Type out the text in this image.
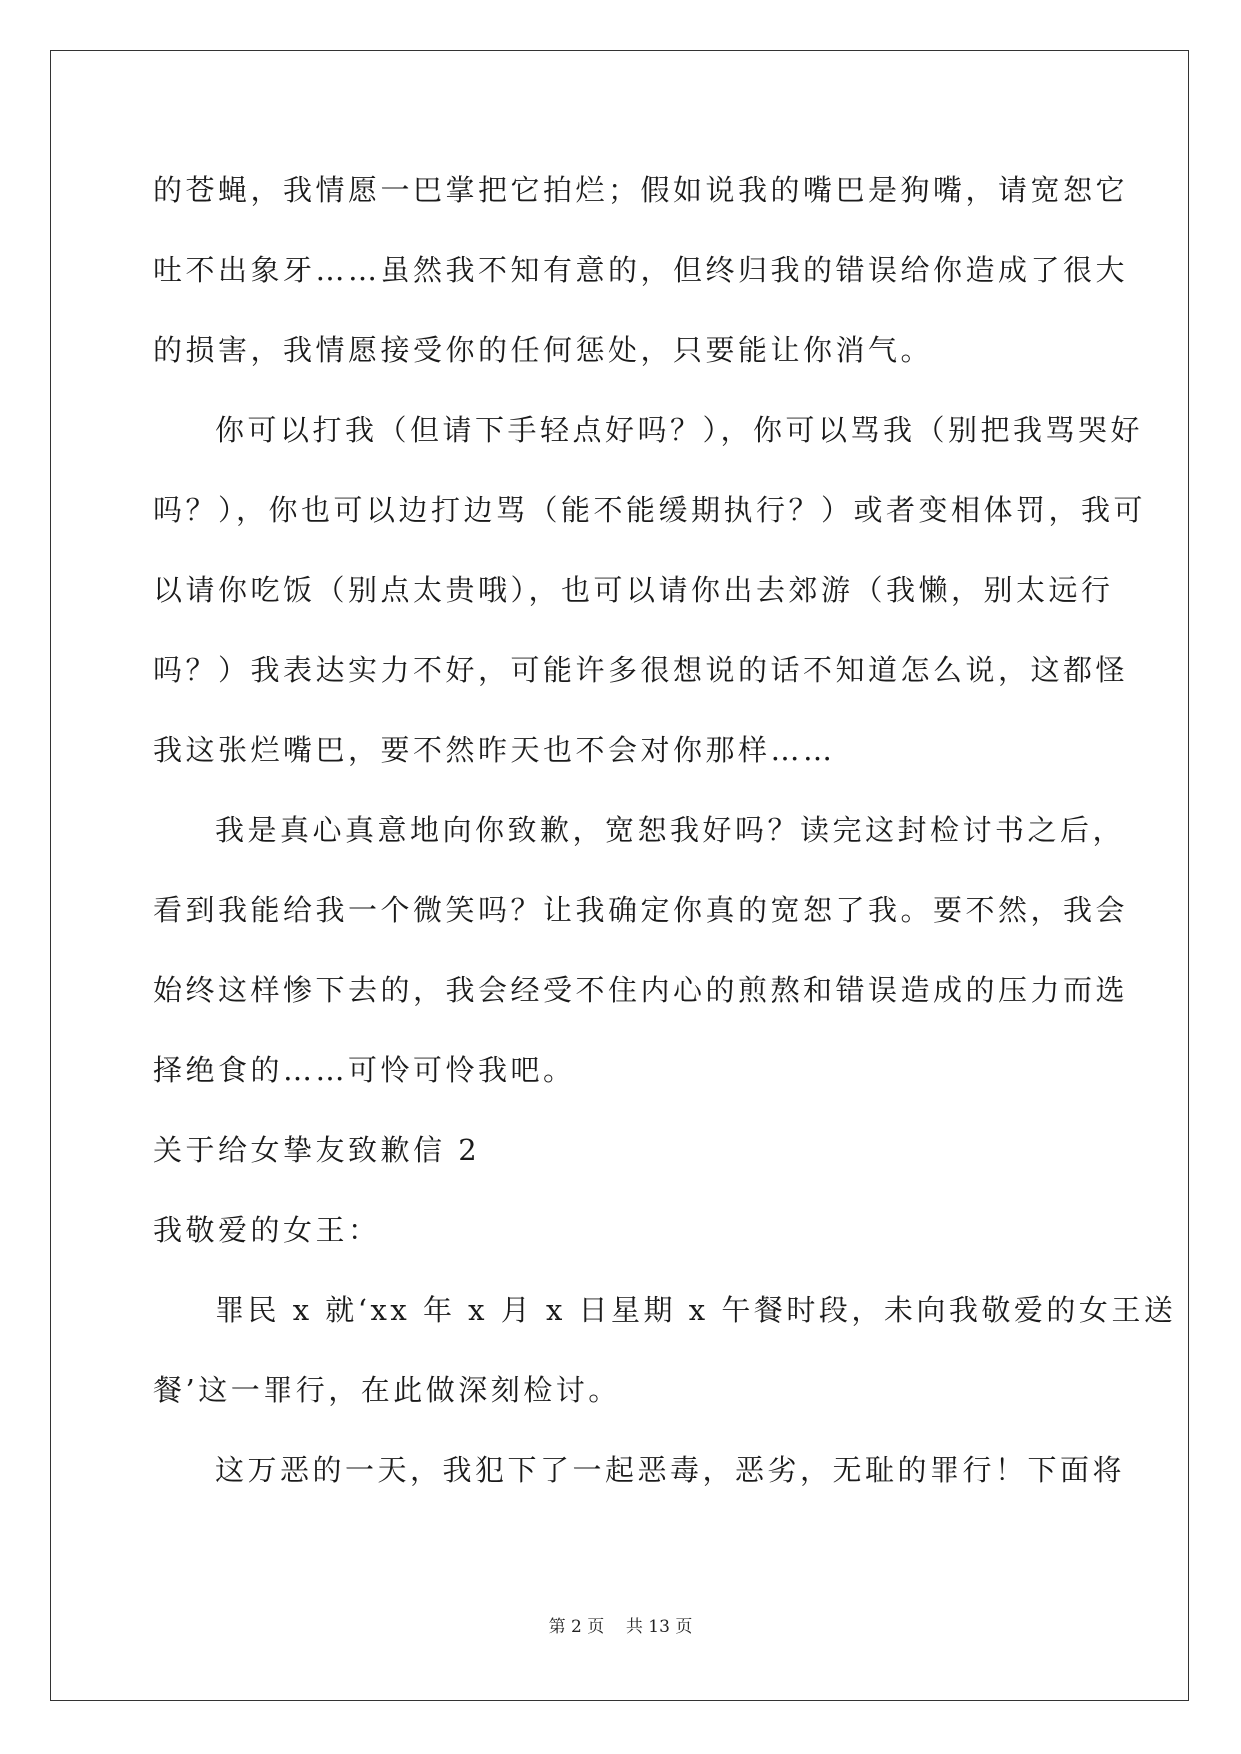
的苍蝇，我情愿一巴掌把它拍烂；假如说我的嘴巴是狗嘴，请宽恕它
吐不出象牙……虽然我不知有意的，但终归我的错误给你造成了很大
的损害，我情愿接受你的任何惩处，只要能让你消气。
你可以打我（但请下手轻点好吗？），你可以骂我（别把我骂哭好
吗？），你也可以边打边骂（能不能缓期执行？）或者变相体罚，我可
以请你吃饭（别点太贵哦），也可以请你出去郊游（我懒，别太远行
吗？）我表达实力不好，可能许多很想说的话不知道怎么说，这都怪
我这张烂嘴巴，要不然昨天也不会对你那样……
我是真心真意地向你致歉，宽恕我好吗？读完这封检讨书之后，
看到我能给我一个微笑吗？让我确定你真的宽恕了我。要不然，我会
始终这样惨下去的，我会经受不住内心的煎熬和错误造成的压力而选
择绝食的……可怜可怜我吧。
关于给女挚友致歉信 2
我敬爱的女王：
罪民 x 就‘xx 年 x 月 x 日星期 x 午餐时段，未向我敬爱的女王送
餐’这一罪行，在此做深刻检讨。
这万恶的一天，我犯下了一起恶毒，恶劣，无耻的罪行！下面将
第 2 页    共 13 页
